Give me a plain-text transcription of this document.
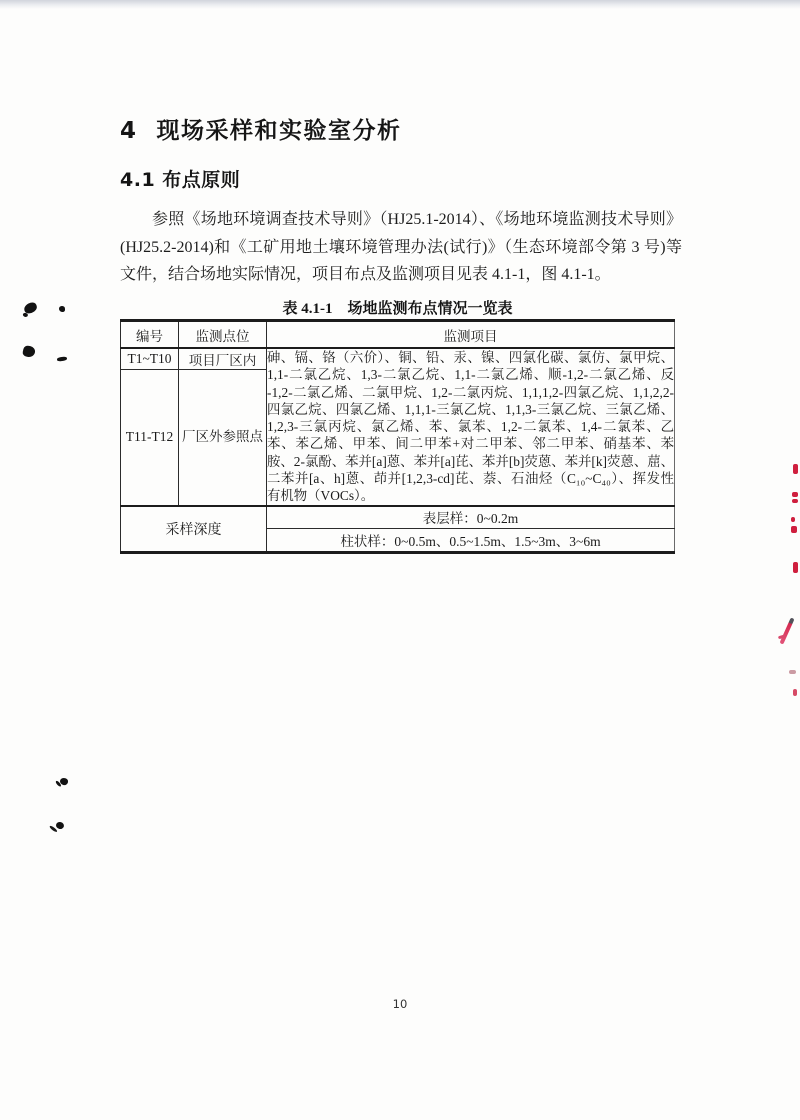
4  现场采样和实验室分析
4.1 布点原则
参照《场地环境调查技术导则》（HJ25.1-2014）、《场地环境监测技术导则》
(HJ25.2-2014)和《工矿用地土壤环境管理办法(试行)》（生态环境部令第 3 号)等
文件，结合场地实际情况，项目布点及监测项目见表 4.1-1，图 4.1-1。
表 4.1-1　场地监测布点情况一览表
编号	监测点位	监测项目
T1~T10	项目厂区内	砷、镉、铬（六价）、铜、铅、汞、镍、四氯化碳、氯仿、氯甲烷、
1,1-二氯乙烷、1,3-二氯乙烷、1,1-二氯乙烯、顺-1,2-二氯乙烯、反
-1,2-二氯乙烯、二氯甲烷、1,2-二氯丙烷、1,1,1,2-四氯乙烷、1,1,2,2-
四氯乙烷、四氯乙烯、1,1,1-三氯乙烷、1,1,3-三氯乙烷、三氯乙烯、
1,2,3-三氯丙烷、氯乙烯、苯、氯苯、1,2-二氯苯、1,4-二氯苯、乙
苯、苯乙烯、甲苯、间二甲苯+对二甲苯、邻二甲苯、硝基苯、苯
胺、2-氯酚、苯并[a]蒽、苯并[a]芘、苯并[b]荧蒽、苯并[k]荧蒽、䓛、
二苯并[a、h]蒽、茚并[1,2,3-cd]芘、萘、石油烃（C₁₀~C₄₀）、挥发性
有机物（VOCs）。

T11-T12	厂区外参照点	
采样深度		表层样：0~0.2m
		柱状样：0~0.5m、0.5~1.5m、1.5~3m、3~6m
10
